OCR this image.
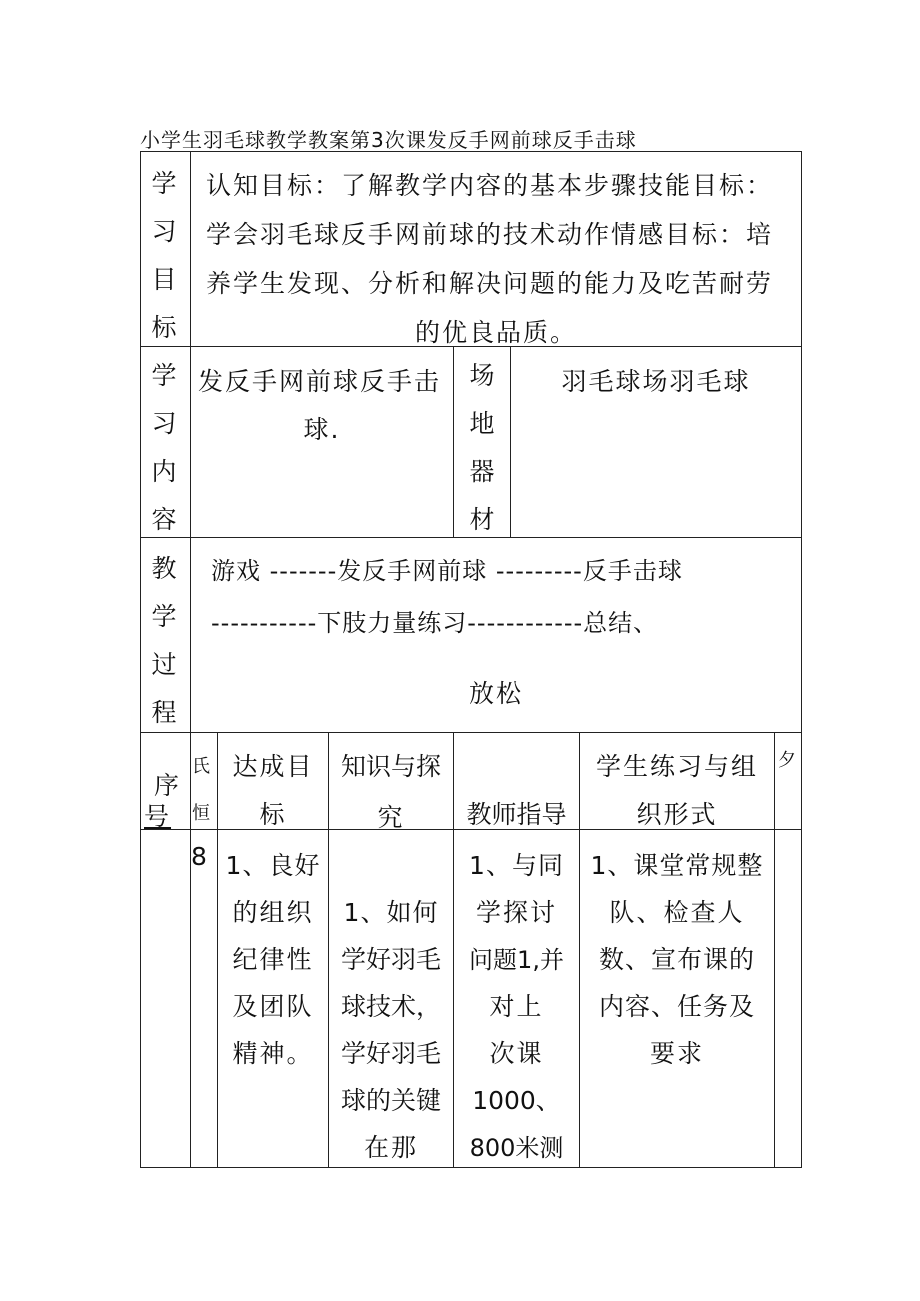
小学生羽毛球教学教案第3次课发反手网前球反手击球
学
习
目
标
认知目标：了解教学内容的基本步骤技能目标：
学会羽毛球反手网前球的技术动作情感目标：培
养学生发现、分析和解决问题的能力及吃苦耐劳
的优良品质。
学
习
内
容
发反手网前球反手击
球.
场
地
器
材
羽毛球场羽毛球
教
学
过
程
游戏 -------发反手网前球 ---------反手击球
-----------下肢力量练习------------总结、
放松
序
号
氏
恒
达成目
标
知识与探
究	教师指导
学生练习与组
织形式
夕
8 1、良好
的组织
纪律性
及团队
精神。
1、如何
学好羽毛
球技术，
学好羽毛
球的关键
在那
1、与同
学探讨
问题1,并
对上
次课
1000、
800米测
1、课堂常规整
队、检查人
数、宣布课的
内容、任务及
要求
